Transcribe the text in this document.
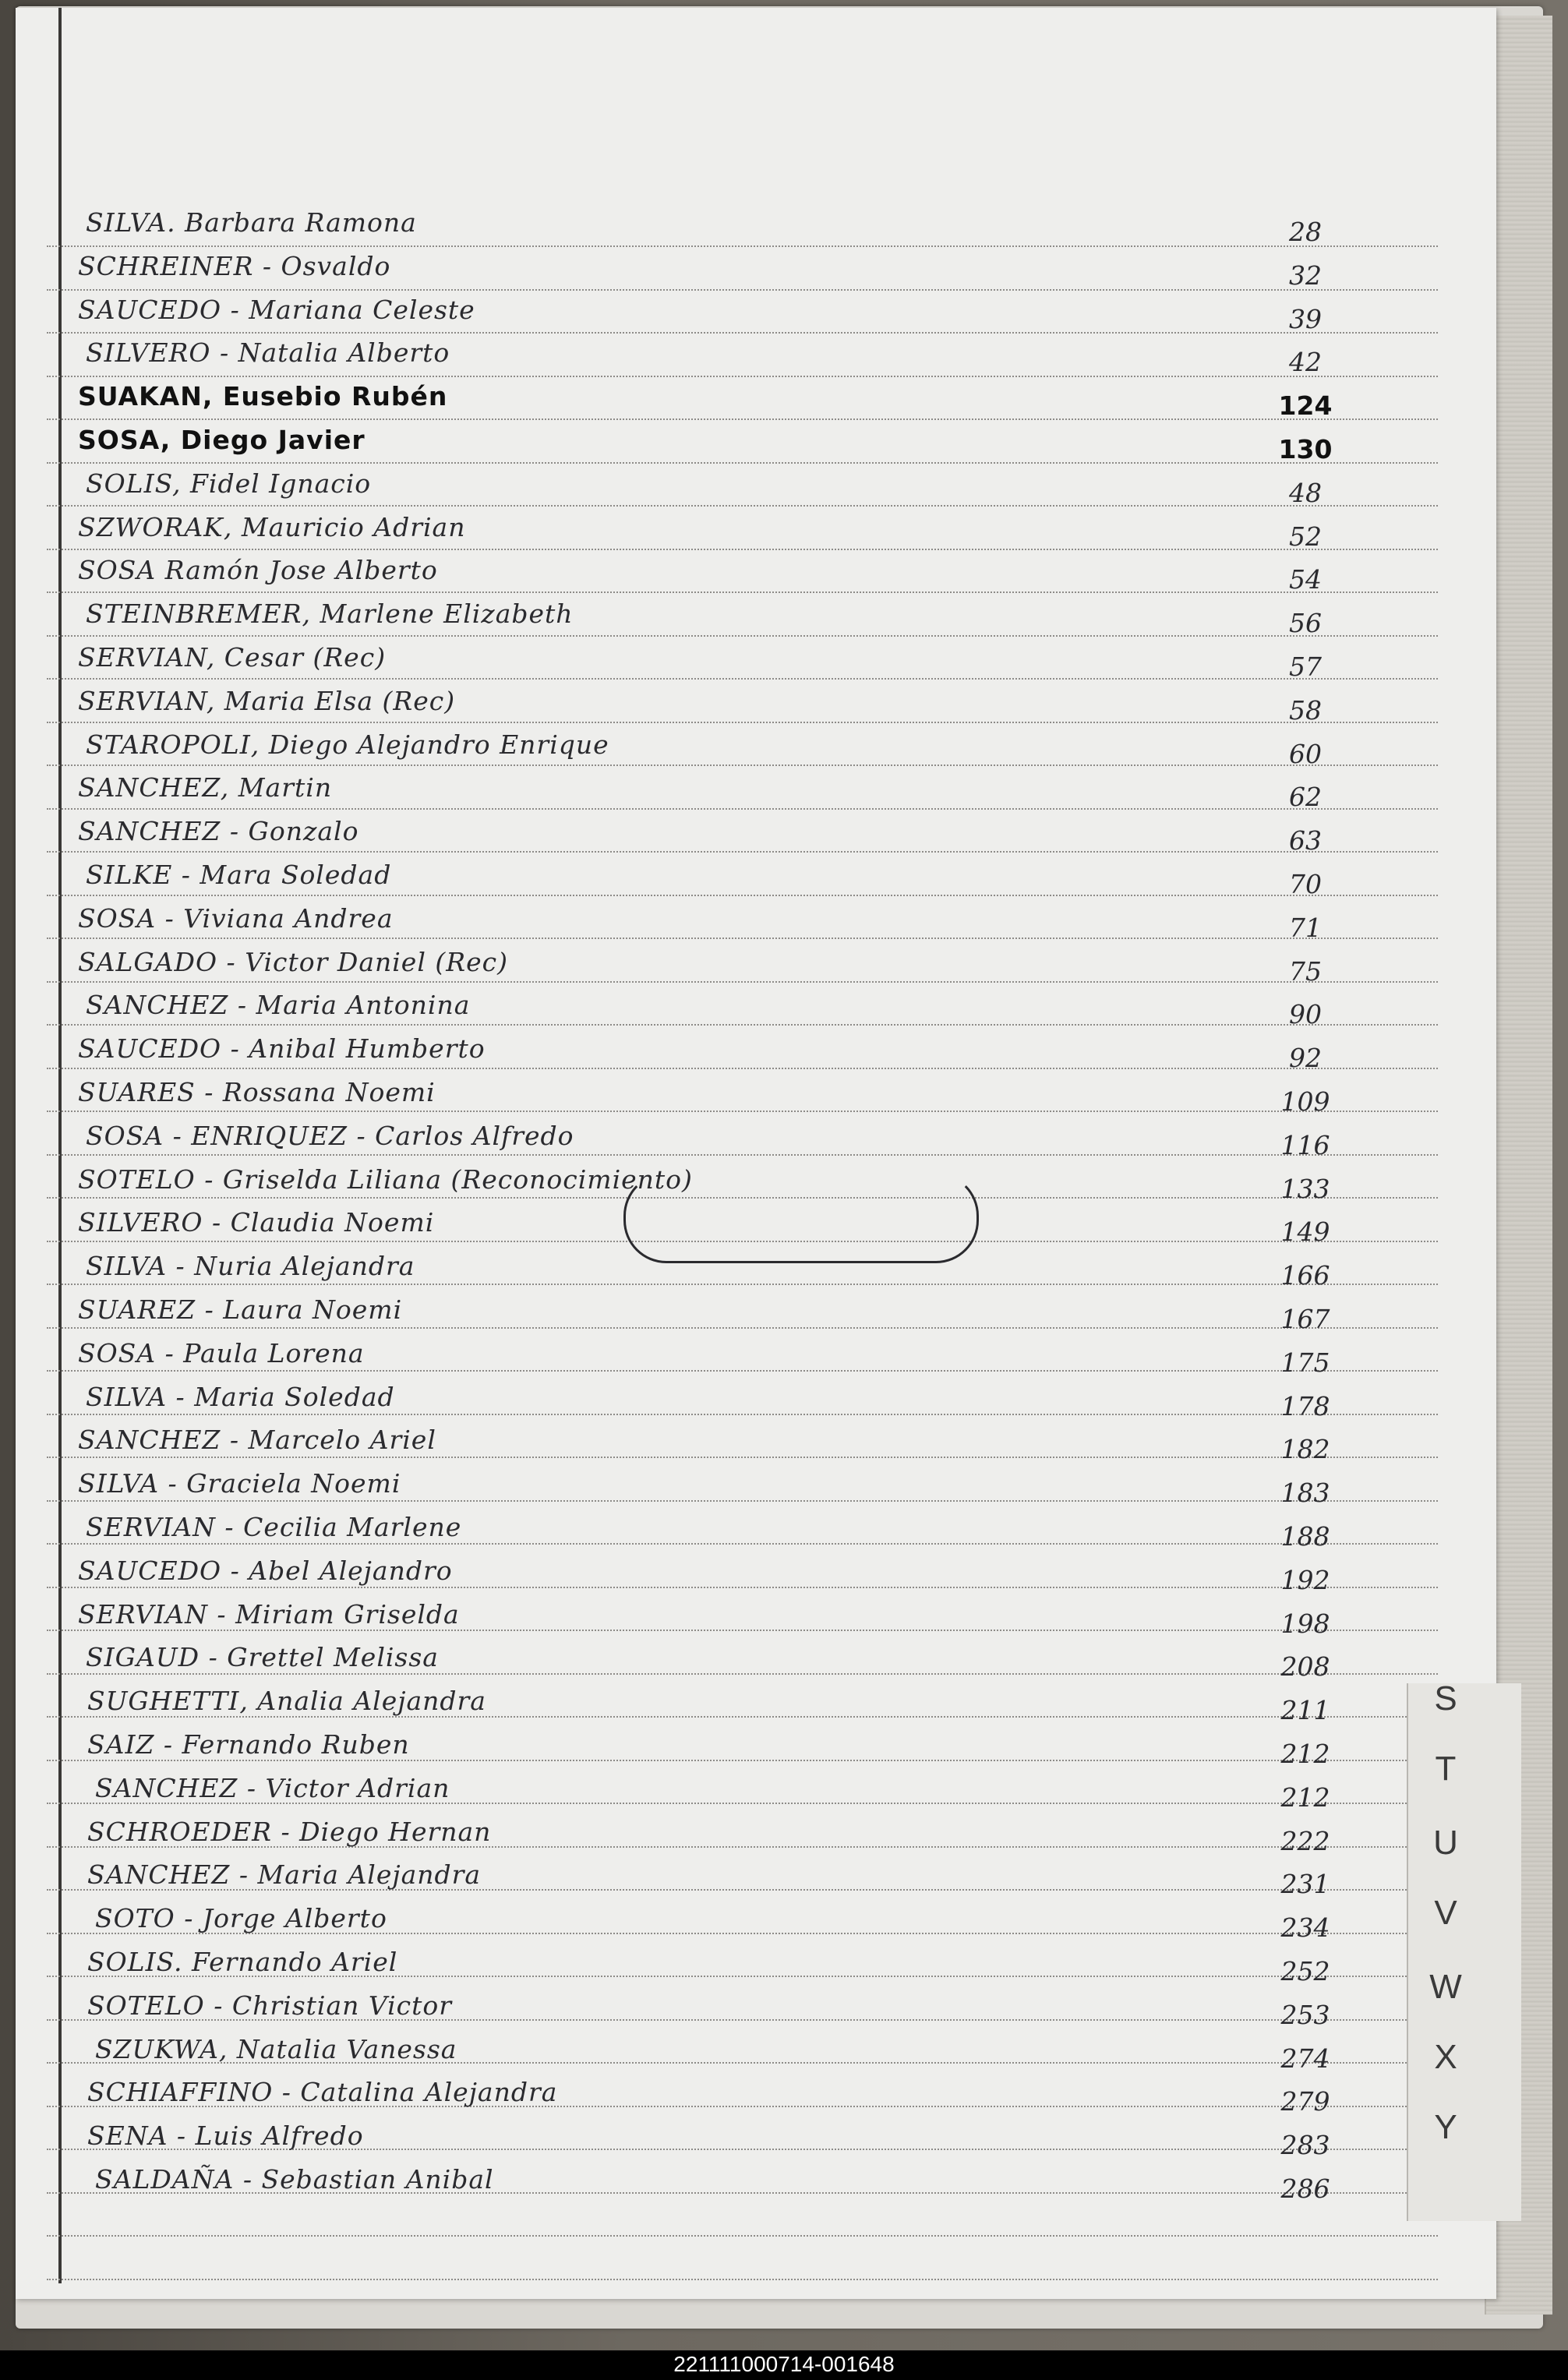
SILVA. Barbara Ramona	28
SCHREINER - Osvaldo	32
SAUCEDO - Mariana Celeste	39
SILVERO - Natalia Alberto	42
SUAKAN, Eusebio Rubén	124
SOSA, Diego Javier	130
SOLIS, Fidel Ignacio	48
SZWORAK, Mauricio Adrian	52
SOSA Ramón Jose Alberto	54
STEINBREMER, Marlene Elizabeth	56
SERVIAN, Cesar (Rec)	57
SERVIAN, Maria Elsa (Rec)	58
STAROPOLI, Diego Alejandro Enrique	60
SANCHEZ, Martin	62
SANCHEZ - Gonzalo	63
SILKE - Mara Soledad	70
SOSA - Viviana Andrea	71
SALGADO - Victor Daniel (Rec)	75
SANCHEZ - Maria Antonina	90
SAUCEDO - Anibal Humberto	92
SUARES - Rossana Noemi	109
SOSA - ENRIQUEZ - Carlos Alfredo	116
SOTELO - Griselda Liliana (Reconocimiento)	133
SILVERO - Claudia Noemi	149
SILVA - Nuria Alejandra	166
SUAREZ - Laura Noemi	167
SOSA - Paula Lorena	175
SILVA - Maria Soledad	178
SANCHEZ - Marcelo Ariel	182
SILVA - Graciela Noemi	183
SERVIAN - Cecilia Marlene	188
SAUCEDO - Abel Alejandro	192
SERVIAN - Miriam Griselda	198
SIGAUD - Grettel Melissa	208
SUGHETTI, Analia Alejandra	211
SAIZ - Fernando Ruben	212
SANCHEZ - Victor Adrian	212
SCHROEDER - Diego Hernan	222
SANCHEZ - Maria Alejandra	231
SOTO - Jorge Alberto	234
SOLIS. Fernando Ariel	252
SOTELO - Christian Victor	253
SZUKWA, Natalia Vanessa	274
SCHIAFFINO - Catalina Alejandra	279
SENA - Luis Alfredo	283
SALDAÑA - Sebastian Anibal	286
S
T
U
V
W
X
Y
221111000714-001648
